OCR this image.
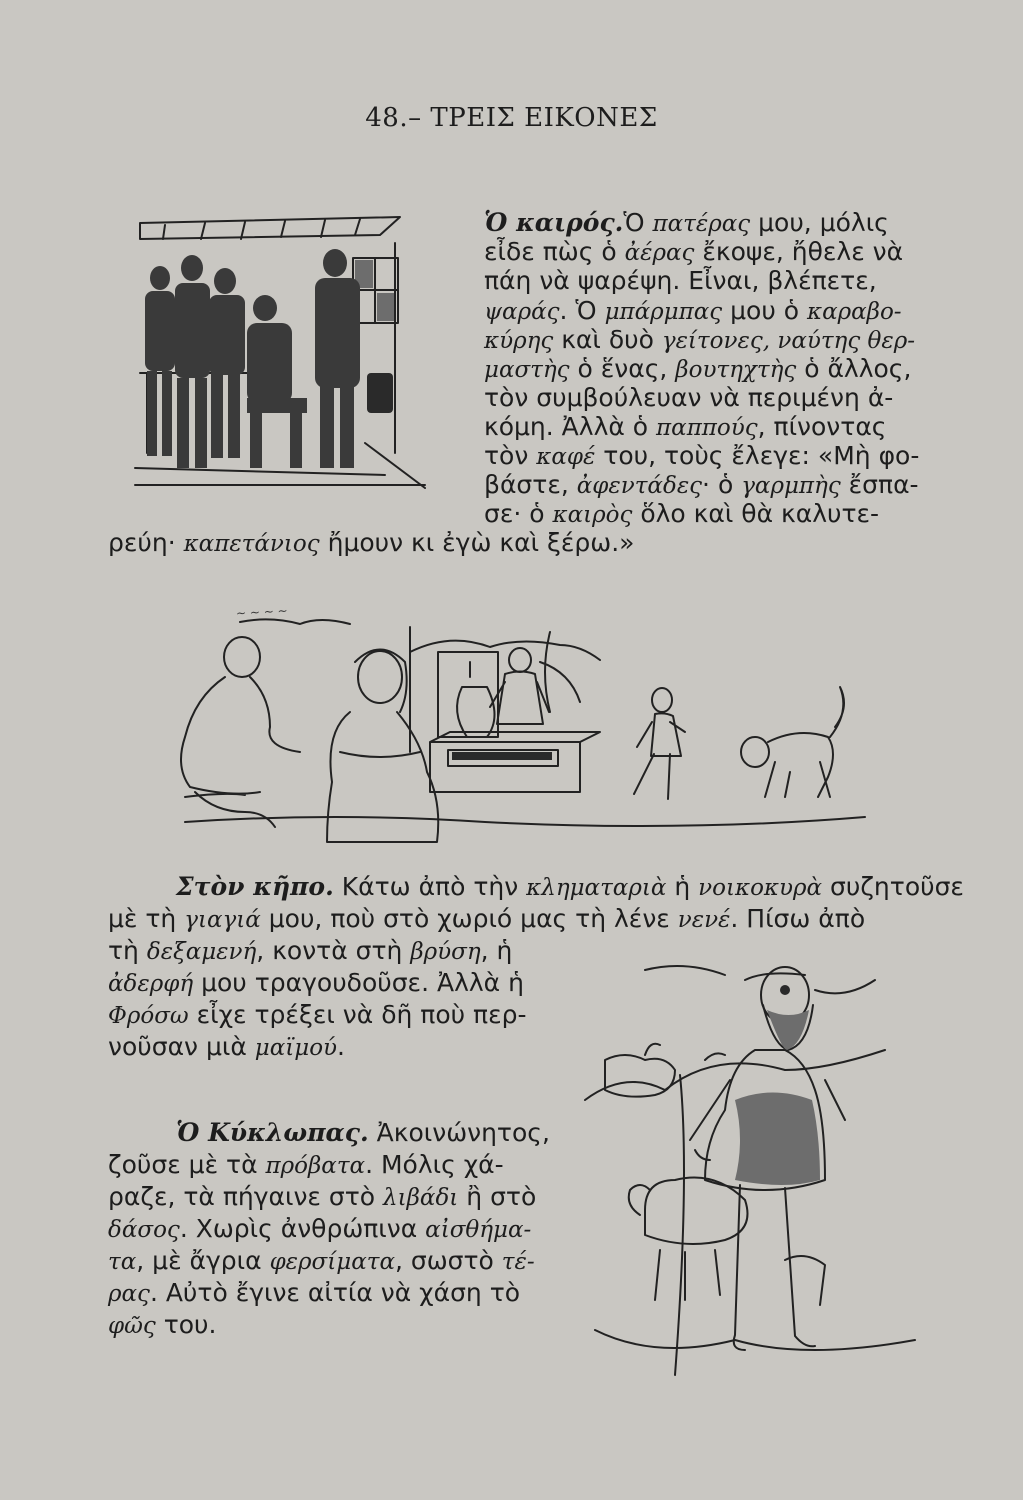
48.– ΤΡΕΙΣ ΕΙΚΟΝΕΣ
Ὁ καιρός.Ὁ πατέρας μου, μόλις
εἶδε πὼς ὁ ἀέρας ἔκοψε, ἤθελε νὰ
πάη νὰ ψαρέψη. Εἶναι, βλέπετε,
ψαράς. Ὁ μπάρμπας μου ὁ καραβο-
κύρης καὶ δυὸ γείτονες, ναύτης θερ-
μαστὴς ὁ ἕνας, βουτηχτὴς ὁ ἄλλος,
τὸν συμβούλευαν νὰ περιμένη ἀ-
κόμη. Ἀλλὰ ὁ παππούς, πίνοντας
τὸν καφέ του, τοὺς ἔλεγε: «Μὴ φο-
βάστε, ἀφεντάδες· ὁ γαρμπὴς ἔσπα-
σε· ὁ καιρὸς ὅλο καὶ θὰ καλυτε-
ρεύη· καπετάνιος ἤμουν κι ἐγὼ καὶ ξέρω.»
~ ~ ~ ~
Στὸν κῆπο. Κάτω ἀπὸ τὴν κληματαριὰ ἡ νοικοκυρὰ συζητοῦσε
μὲ τὴ γιαγιά μου, ποὺ στὸ χωριό μας τὴ λένε νενέ. Πίσω ἀπὸ
τὴ δεξαμενή, κοντὰ στὴ βρύση, ἡ
ἀδερφή μου τραγουδοῦσε. Ἀλλὰ ἡ
Φρόσω εἶχε τρέξει νὰ δῆ ποὺ περ-
νοῦσαν μιὰ μαϊμού.
Ὁ Κύκλωπας. Ἀκοινώνητος,
ζοῦσε μὲ τὰ πρόβατα. Μόλις χά-
ραζε, τὰ πήγαινε στὸ λιβάδι ἢ στὸ
δάσος. Χωρὶς ἀνθρώπινα αἰσθήμα-
τα, μὲ ἄγρια φερσίματα, σωστὸ τέ-
ρας. Αὐτὸ ἔγινε αἰτία νὰ χάση τὸ
φῶς του.
